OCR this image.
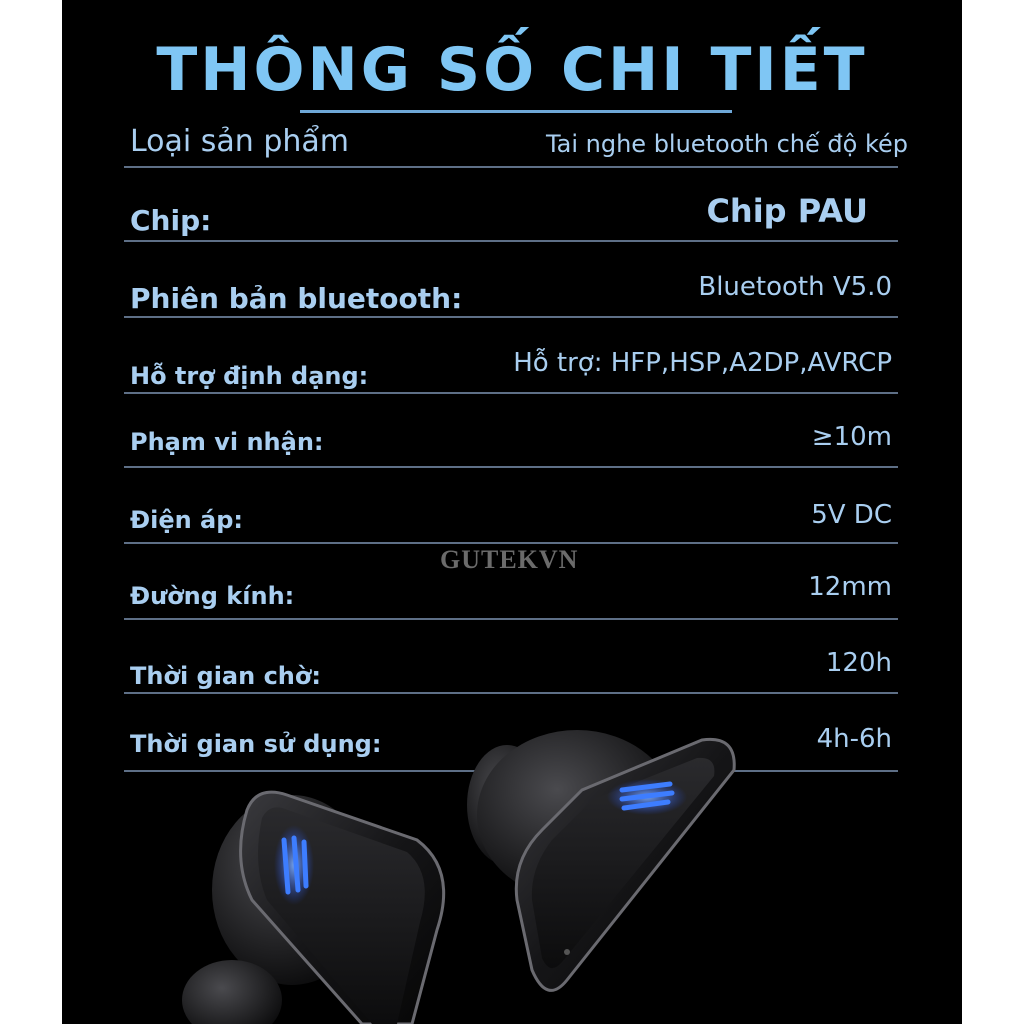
THÔNG SỐ CHI TIẾT
Loại sản phẩm	Tai nghe bluetooth chế độ kép
Chip:	Chip PAU
Phiên bản bluetooth:	Bluetooth V5.0
Hỗ trợ định dạng:	Hỗ trợ: HFP,HSP,A2DP,AVRCP
Phạm vi nhận:	≥10m
Điện áp:	5V DC
Đường kính:	12mm
Thời gian chờ:	120h
Thời gian sử dụng:	4h-6h
GUTEKVN
